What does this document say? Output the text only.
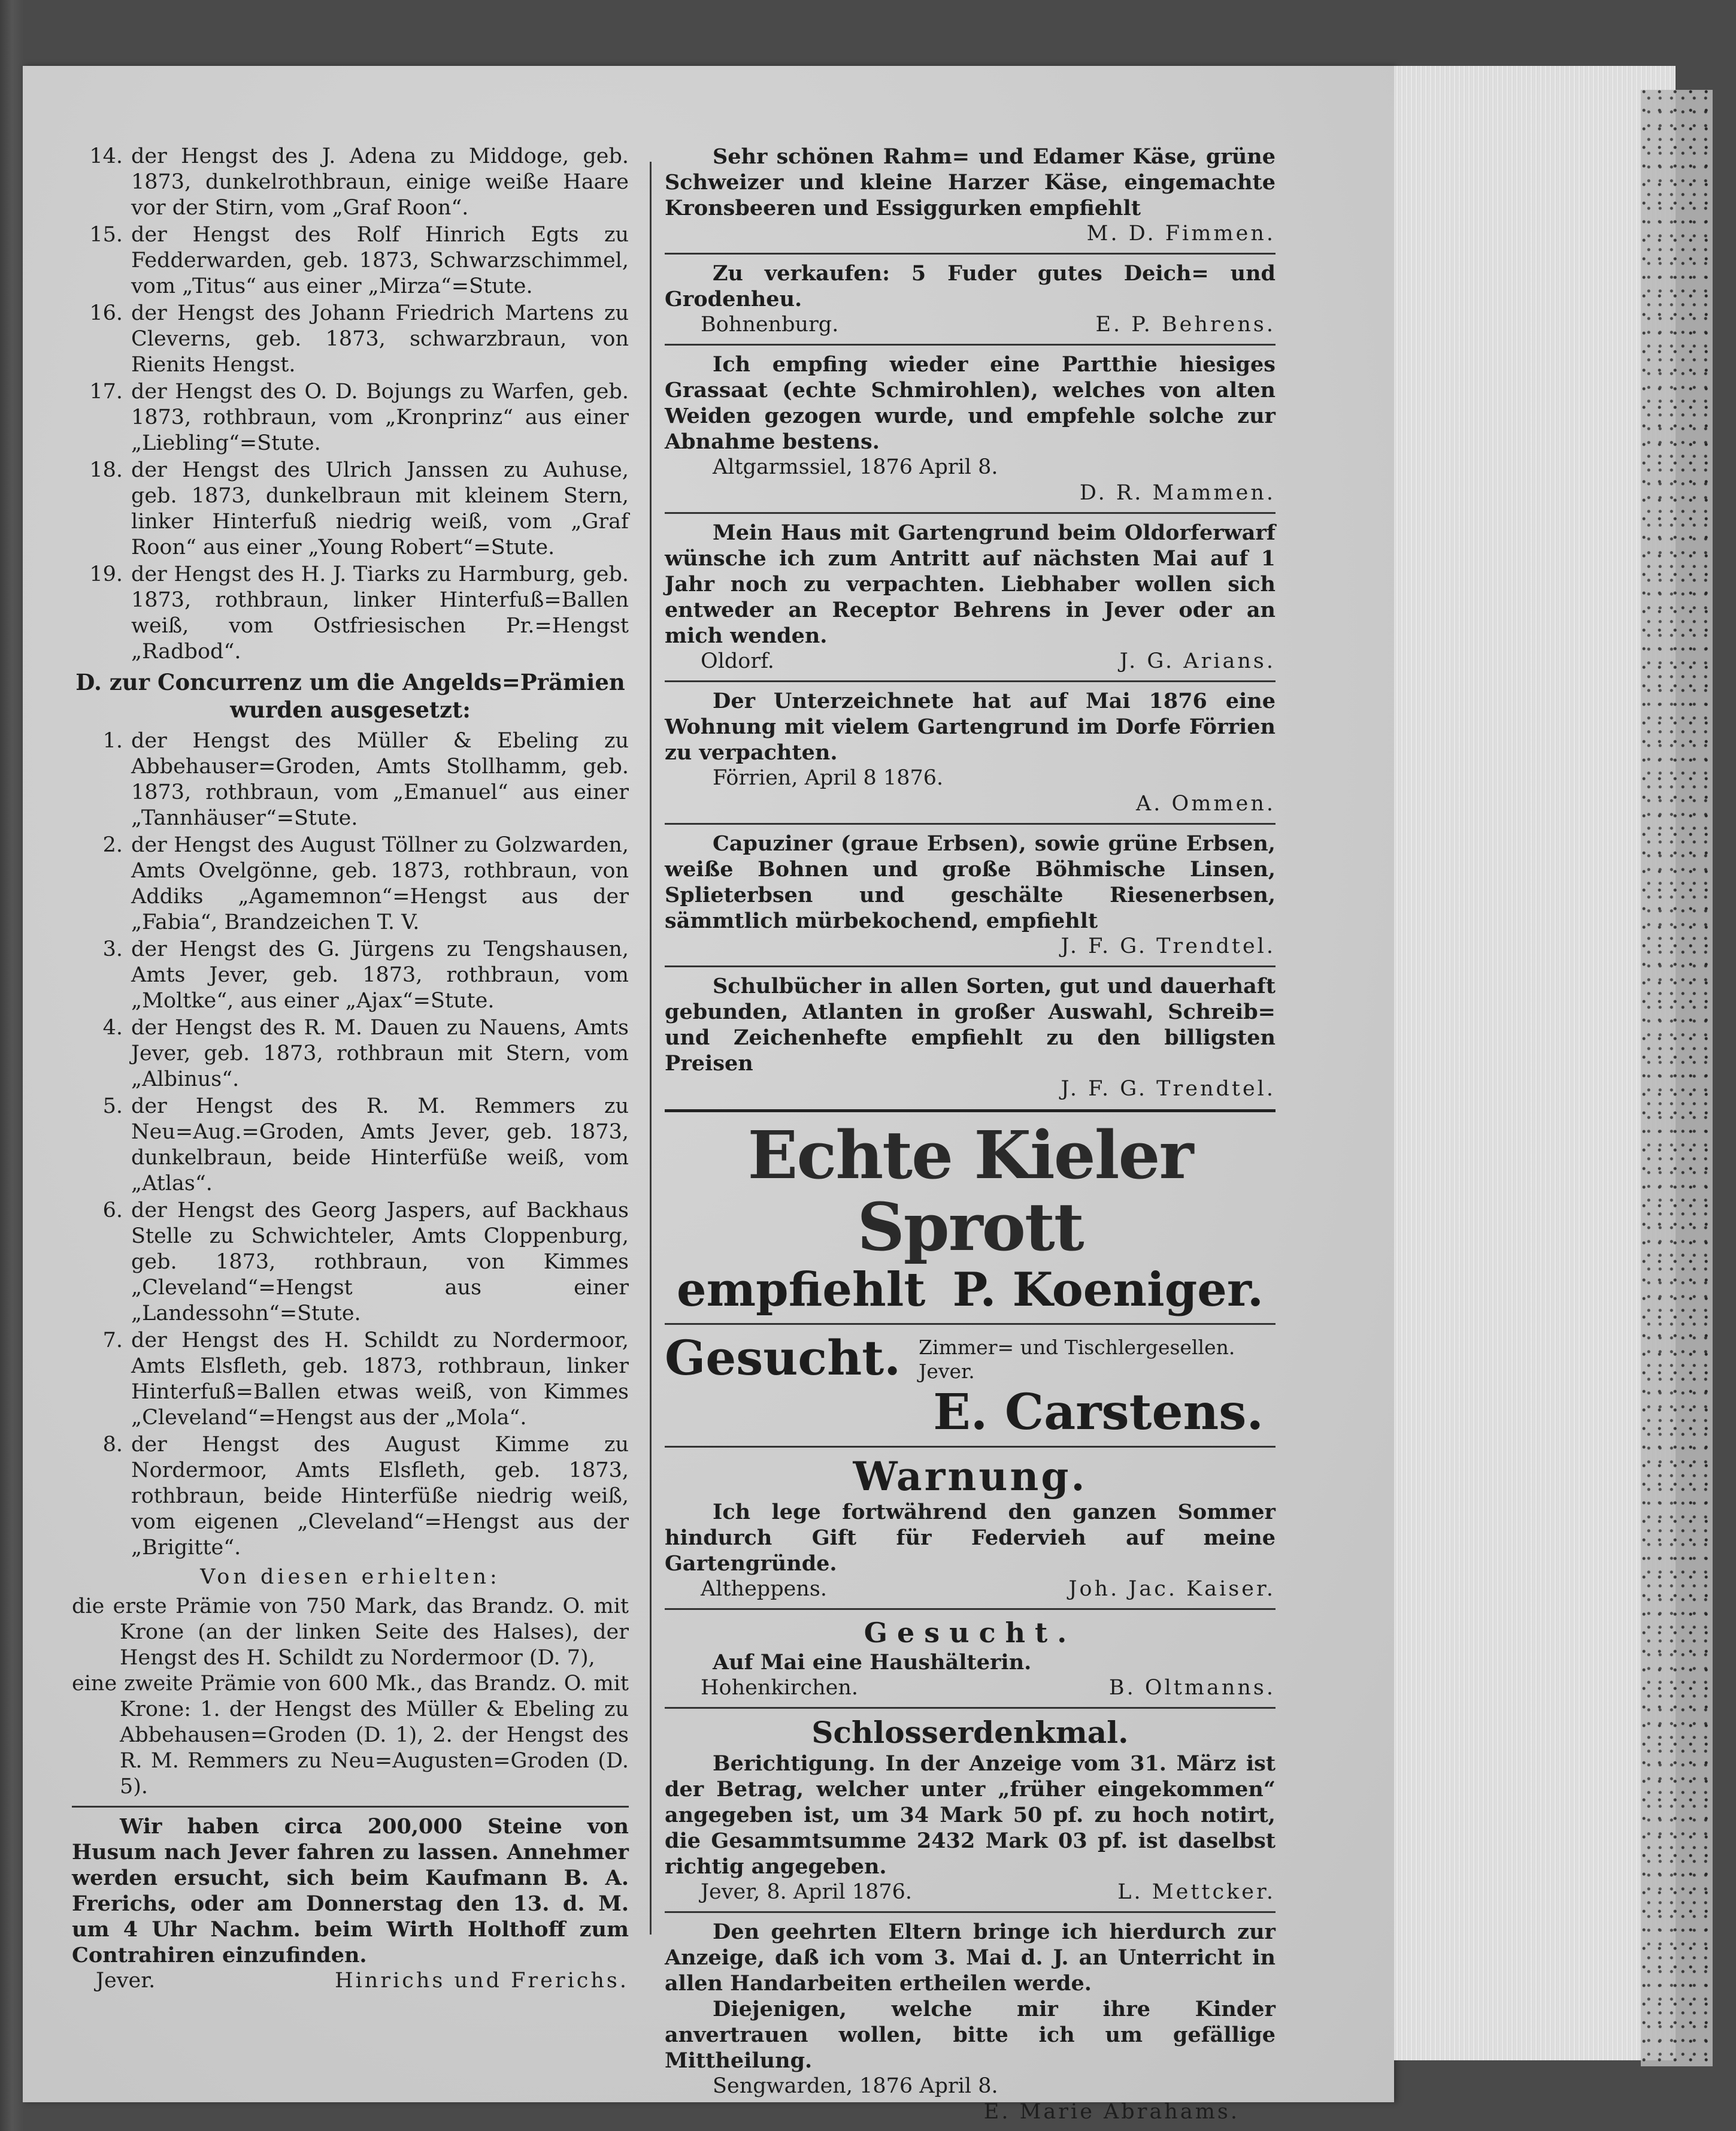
14. der Hengst des J. Adena zu Middoge, geb. 1873, dunkelrothbraun, einige weiße Haare vor der Stirn, vom „Graf Roon“.
15. der Hengst des Rolf Hinrich Egts zu Fedderwarden, geb. 1873, Schwarzschimmel, vom „Titus“ aus einer „Mirza“=Stute.
16. der Hengst des Johann Friedrich Martens zu Cleverns, geb. 1873, schwarzbraun, von Rienits Hengst.
17. der Hengst des O. D. Bojungs zu Warfen, geb. 1873, rothbraun, vom „Kronprinz“ aus einer „Liebling“=Stute.
18. der Hengst des Ulrich Janssen zu Auhuse, geb. 1873, dunkelbraun mit kleinem Stern, linker Hinterfuß niedrig weiß, vom „Graf Roon“ aus einer „Young Robert“=Stute.
19. der Hengst des H. J. Tiarks zu Harmburg, geb. 1873, rothbraun, linker Hinterfuß=Ballen weiß, vom Ostfriesischen Pr.=Hengst „Radbod“.
D. zur Concurrenz um die Angelds=Prämien wurden ausgesetzt:
1. der Hengst des Müller & Ebeling zu Abbehauser=Groden, Amts Stollhamm, geb. 1873, rothbraun, vom „Emanuel“ aus einer „Tannhäuser“=Stute.
2. der Hengst des August Töllner zu Golzwarden, Amts Ovelgönne, geb. 1873, rothbraun, von Addiks „Agamemnon“=Hengst aus der „Fabia“, Brandzeichen T. V.
3. der Hengst des G. Jürgens zu Tengshausen, Amts Jever, geb. 1873, rothbraun, vom „Moltke“, aus einer „Ajax“=Stute.
4. der Hengst des R. M. Dauen zu Nauens, Amts Jever, geb. 1873, rothbraun mit Stern, vom „Albinus“.
5. der Hengst des R. M. Remmers zu Neu=Aug.=Groden, Amts Jever, geb. 1873, dunkelbraun, beide Hinterfüße weiß, vom „Atlas“.
6. der Hengst des Georg Jaspers, auf Backhaus Stelle zu Schwichteler, Amts Cloppenburg, geb. 1873, rothbraun, von Kimmes „Cleveland“=Hengst aus einer „Landessohn“=Stute.
7. der Hengst des H. Schildt zu Nordermoor, Amts Elsfleth, geb. 1873, rothbraun, linker Hinterfuß=Ballen etwas weiß, von Kimmes „Cleveland“=Hengst aus der „Mola“.
8. der Hengst des August Kimme zu Nordermoor, Amts Elsfleth, geb. 1873, rothbraun, beide Hinterfüße niedrig weiß, vom eigenen „Cleveland“=Hengst aus der „Brigitte“.
Von diesen erhielten:
die erste Prämie von 750 Mark, das Brandz. O. mit Krone (an der linken Seite des Halses), der Hengst des H. Schildt zu Nordermoor (D. 7),
eine zweite Prämie von 600 Mk., das Brandz. O. mit Krone: 1. der Hengst des Müller & Ebeling zu Abbehausen=Groden (D. 1), 2. der Hengst des R. M. Remmers zu Neu=Augusten=Groden (D. 5).
Wir haben circa 200,000 Steine von Husum nach Jever fahren zu lassen. Annehmer werden ersucht, sich beim Kaufmann B. A. Frerichs, oder am Donnerstag den 13. d. M. um 4 Uhr Nachm. beim Wirth Holthoff zum Contrahiren einzufinden.
Jever.	Hinrichs und Frerichs.
Sehr schönen Rahm= und Edamer Käse, grüne Schweizer und kleine Harzer Käse, eingemachte Kronsbeeren und Essiggurken empfiehlt
M. D. Fimmen.
Zu verkaufen: 5 Fuder gutes Deich= und Grodenheu.
Bohnenburg.	E. P. Behrens.
Ich empfing wieder eine Partthie hiesiges Grassaat (echte Schmirohlen), welches von alten Weiden gezogen wurde, und empfehle solche zur Abnahme bestens.
Altgarmssiel, 1876 April 8.
D. R. Mammen.
Mein Haus mit Gartengrund beim Oldorferwarf wünsche ich zum Antritt auf nächsten Mai auf 1 Jahr noch zu verpachten. Liebhaber wollen sich entweder an Receptor Behrens in Jever oder an mich wenden.
Oldorf.	J. G. Arians.
Der Unterzeichnete hat auf Mai 1876 eine Wohnung mit vielem Gartengrund im Dorfe Förrien zu verpachten.
Förrien, April 8 1876.
A. Ommen.
Capuziner (graue Erbsen), sowie grüne Erbsen, weiße Bohnen und große Böhmische Linsen, Splieterbsen und geschälte Riesenerbsen, sämmtlich mürbekochend, empfiehlt
J. F. G. Trendtel.
Schulbücher in allen Sorten, gut und dauerhaft gebunden, Atlanten in großer Auswahl, Schreib= und Zeichenhefte empfiehlt zu den billigsten Preisen
J. F. G. Trendtel.
Echte Kieler Sprott
empfiehlt P. Koeniger.
Gesucht. Zimmer= und Tischlergesellen.
Jever.
E. Carstens.
Warnung.
Ich lege fortwährend den ganzen Sommer hindurch Gift für Federvieh auf meine Gartengründe.
Altheppens.	Joh. Jac. Kaiser.
Gesucht.
Auf Mai eine Haushälterin.
Hohenkirchen.	B. Oltmanns.
Schlosserdenkmal.
Berichtigung. In der Anzeige vom 31. März ist der Betrag, welcher unter „früher eingekommen“ angegeben ist, um 34 Mark 50 pf. zu hoch notirt, die Gesammtsumme 2432 Mark 03 pf. ist daselbst richtig angegeben.
Jever, 8. April 1876.	L. Mettcker.
Den geehrten Eltern bringe ich hierdurch zur Anzeige, daß ich vom 3. Mai d. J. an Unterricht in allen Handarbeiten ertheilen werde.
Diejenigen, welche mir ihre Kinder anvertrauen wollen, bitte ich um gefällige Mittheilung.
Sengwarden, 1876 April 8.
E. Marie Abrahams.
